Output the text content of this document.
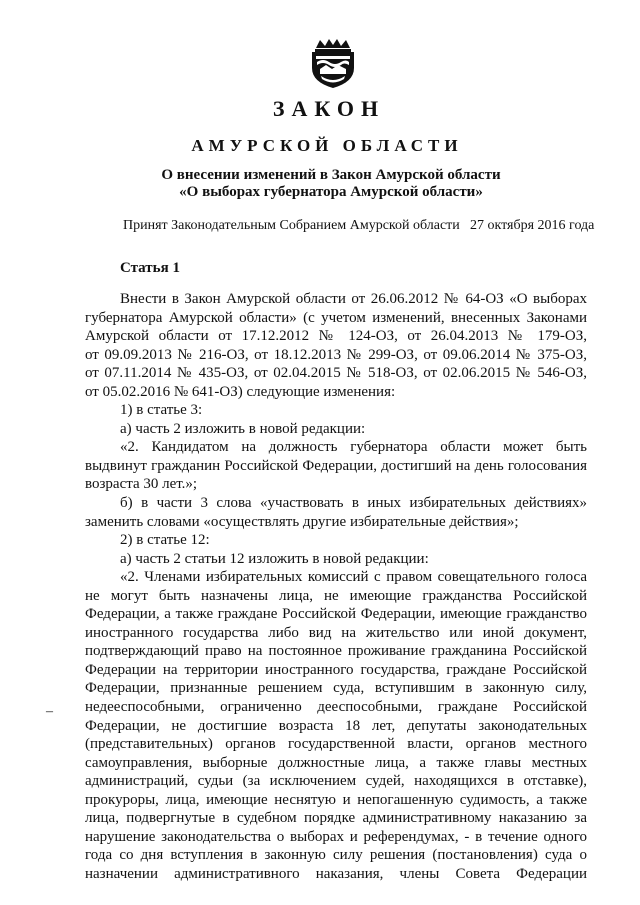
ЗАКОН
АМУРСКОЙ ОБЛАСТИ
О внесении изменений в Закон Амурской области
«О выборах губернатора Амурской области»
Принят Законодательным Собранием Амурской области 27 октября 2016 года
Статья 1
Внести в Закон Амурской области от 26.06.2012 № 64-ОЗ «О выборах
губернатора Амурской области» (с учетом изменений, внесенных Законами
Амурской области от 17.12.2012 № 124-ОЗ, от 26.04.2013 № 179-ОЗ,
от 09.09.2013 № 216-ОЗ, от 18.12.2013 № 299-ОЗ, от 09.06.2014 № 375-ОЗ,
от 07.11.2014 № 435-ОЗ, от 02.04.2015 № 518-ОЗ, от 02.06.2015 № 546-ОЗ,
от 05.02.2016 № 641-ОЗ) следующие изменения:
1) в статье 3:
а) часть 2 изложить в новой редакции:
«2. Кандидатом на должность губернатора области может быть
выдвинут гражданин Российской Федерации, достигший на день голосования
возраста 30 лет.»;
б) в части 3 слова «участвовать в иных избирательных действиях»
заменить словами «осуществлять другие избирательные действия»;
2) в статье 12:
а) часть 2 статьи 12 изложить в новой редакции:
«2. Членами избирательных комиссий с правом совещательного голоса
не могут быть назначены лица, не имеющие гражданства Российской
Федерации, а также граждане Российской Федерации, имеющие гражданство
иностранного государства либо вид на жительство или иной документ,
подтверждающий право на постоянное проживание гражданина Российской
Федерации на территории иностранного государства, граждане Российской
Федерации, признанные решением суда, вступившим в законную силу,
недееспособными, ограниченно дееспособными, граждане Российской
Федерации, не достигшие возраста 18 лет, депутаты законодательных
(представительных) органов государственной власти, органов местного
самоуправления, выборные должностные лица, а также главы местных
администраций, судьи (за исключением судей, находящихся в отставке),
прокуроры, лица, имеющие неснятую и непогашенную судимость, а также
лица, подвергнутые в судебном порядке административному наказанию за
нарушение законодательства о выборах и референдумах, - в течение одного
года со дня вступления в законную силу решения (постановления) суда о
назначении административного наказания, члены Совета Федерации
–
